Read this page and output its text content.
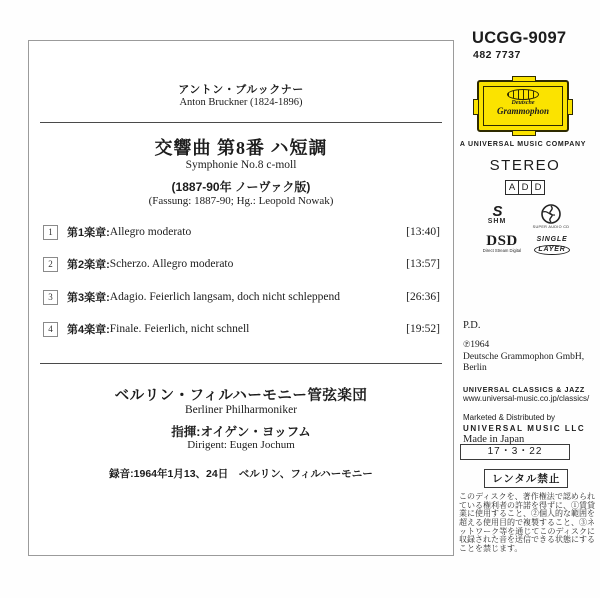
アントン・ブルックナー
Anton Bruckner (1824-1896)
交響曲 第8番 ハ短調
Symphonie No.8 c-moll
(1887-90年 ノーヴァク版)
(Fassung: 1887-90; Hg.: Leopold Nowak)
1	第1楽章: Allegro moderato	[13:40]
2	第2楽章: Scherzo. Allegro moderato	[13:57]
3	第3楽章: Adagio. Feierlich langsam, doch nicht schleppend	[26:36]
4	第4楽章: Finale. Feierlich, nicht schnell	[19:52]
ベルリン・フィルハーモニー管弦楽団
Berliner Philharmoniker
指揮:オイゲン・ヨッフム
Dirigent: Eugen Jochum
録音:1964年1月13、24日　ベルリン、フィルハーモニー
UCGG-9097
482 7737
Deutsche
Grammophon
A UNIVERSAL MUSIC COMPANY
STEREO
A D D
S
SHM
SUPER AUDIO CD
DSD
Direct Stream Digital
SINGLE
LAYER
P.D.
℗1964
Deutsche Grammophon GmbH,
Berlin
UNIVERSAL CLASSICS & JAZZ
www.universal-music.co.jp/classics/
Marketed & Distributed by
UNIVERSAL MUSIC LLC
Made in Japan
17・3・22
レンタル禁止
このディスクを、著作権法で認められている権利者の許諾を得ずに、①賃貸業に使用すること、②個人的な範囲を超える使用目的で複製すること、③ネットワーク等を通じてこのディスクに収録された音を送信できる状態にすることを禁じます。
